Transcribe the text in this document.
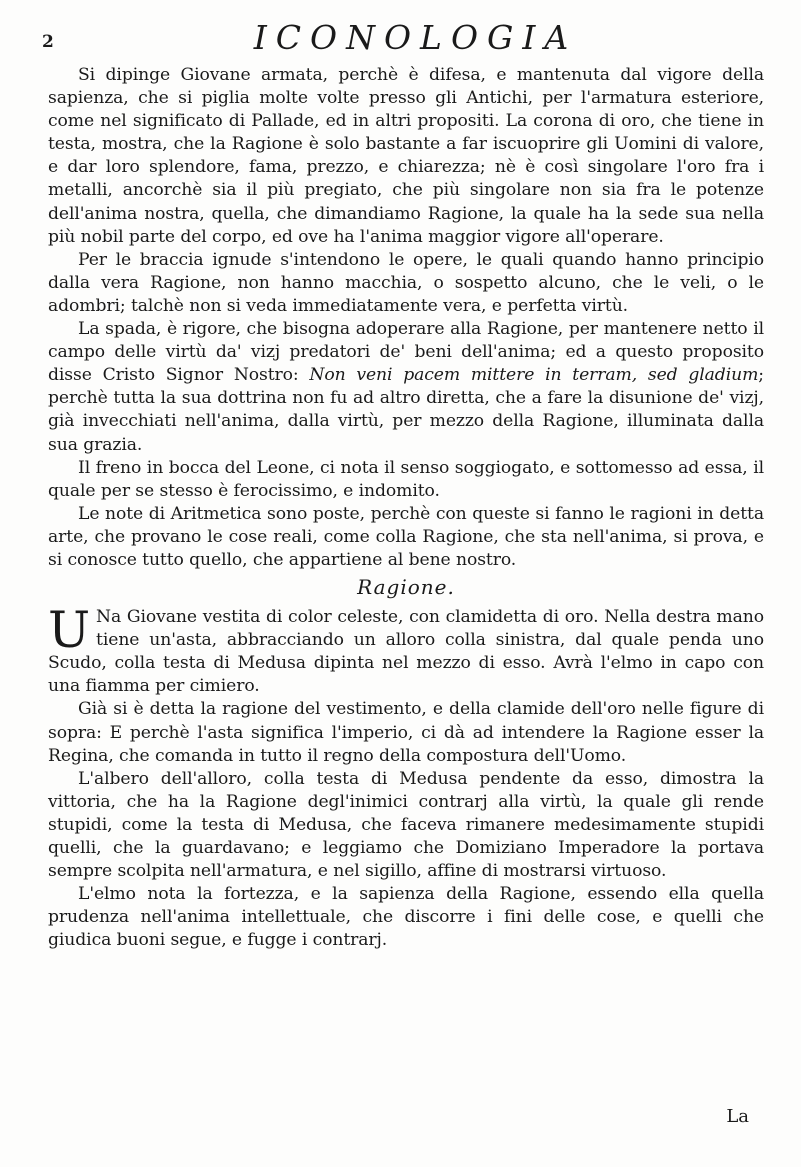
2	ICONOLOGIA

Si dipinge Giovane armata, perchè è difesa, e mantenuta dal vigore della sapienza, che si piglia molte volte presso gli Antichi, per l'armatura esteriore, come nel significato di Pallade, ed in altri propositi. La corona di oro, che tiene in testa, mostra, che la Ragione è solo bastante a far iscuoprire gli Uomini di valore, e dar loro splendore, fama, prezzo, e chiarezza; nè è così singolare l'oro fra i metalli, ancorchè sia il più pregiato, che più singolare non sia fra le potenze dell'anima nostra, quella, che dimandiamo Ragione, la quale ha la sede sua nella più nobil parte del corpo, ed ove ha l'anima maggior vigore all'operare.

Per le braccia ignude s'intendono le opere, le quali quando hanno principio dalla vera Ragione, non hanno macchia, o sospetto alcuno, che le veli, o le adombri; talchè non si veda immediatamente vera, e perfetta virtù.

La spada, è rigore, che bisogna adoperare alla Ragione, per mantenere netto il campo delle virtù da' vizj predatori de' beni dell'anima; ed a questo proposito disse Cristo Signor Nostro: Non veni pacem mittere in terram, sed gladium; perchè tutta la sua dottrina non fu ad altro diretta, che a fare la disunione de' vizj, già invecchiati nell'anima, dalla virtù, per mezzo della Ragione, illuminata dalla sua grazia.

Il freno in bocca del Leone, ci nota il senso soggiogato, e sottomesso ad essa, il quale per se stesso è ferocissimo, e indomito.

Le note di Aritmetica sono poste, perchè con queste si fanno le ragioni in detta arte, che provano le cose reali, come colla Ragione, che sta nell'anima, si prova, e si conosce tutto quello, che appartiene al bene nostro.

Ragione.

U Na Giovane vestita di color celeste, con clamidetta di oro. Nella destra mano tiene un'asta, abbracciando un alloro colla sinistra, dal quale penda uno Scudo, colla testa di Medusa dipinta nel mezzo di esso. Avrà l'elmo in capo con una fiamma per cimiero.

Già si è detta la ragione del vestimento, e della clamide dell'oro nelle figure di sopra: E perchè l'asta significa l'imperio, ci dà ad intendere la Ragione esser la Regina, che comanda in tutto il regno della compostura dell'Uomo.

L'albero dell'alloro, colla testa di Medusa pendente da esso, dimostra la vittoria, che ha la Ragione degl'inimici contrarj alla virtù, la quale gli rende stupidi, come la testa di Medusa, che faceva rimanere medesimamente stupidi quelli, che la guardavano; e leggiamo che Domiziano Imperadore la portava sempre scolpita nell'armatura, e nel sigillo, affine di mostrarsi virtuoso.

L'elmo nota la fortezza, e la sapienza della Ragione, essendo ella quella prudenza nell'anima intellettuale, che discorre i fini delle cose, e quelli che giudica buoni segue, e fugge i contrarj.

La
